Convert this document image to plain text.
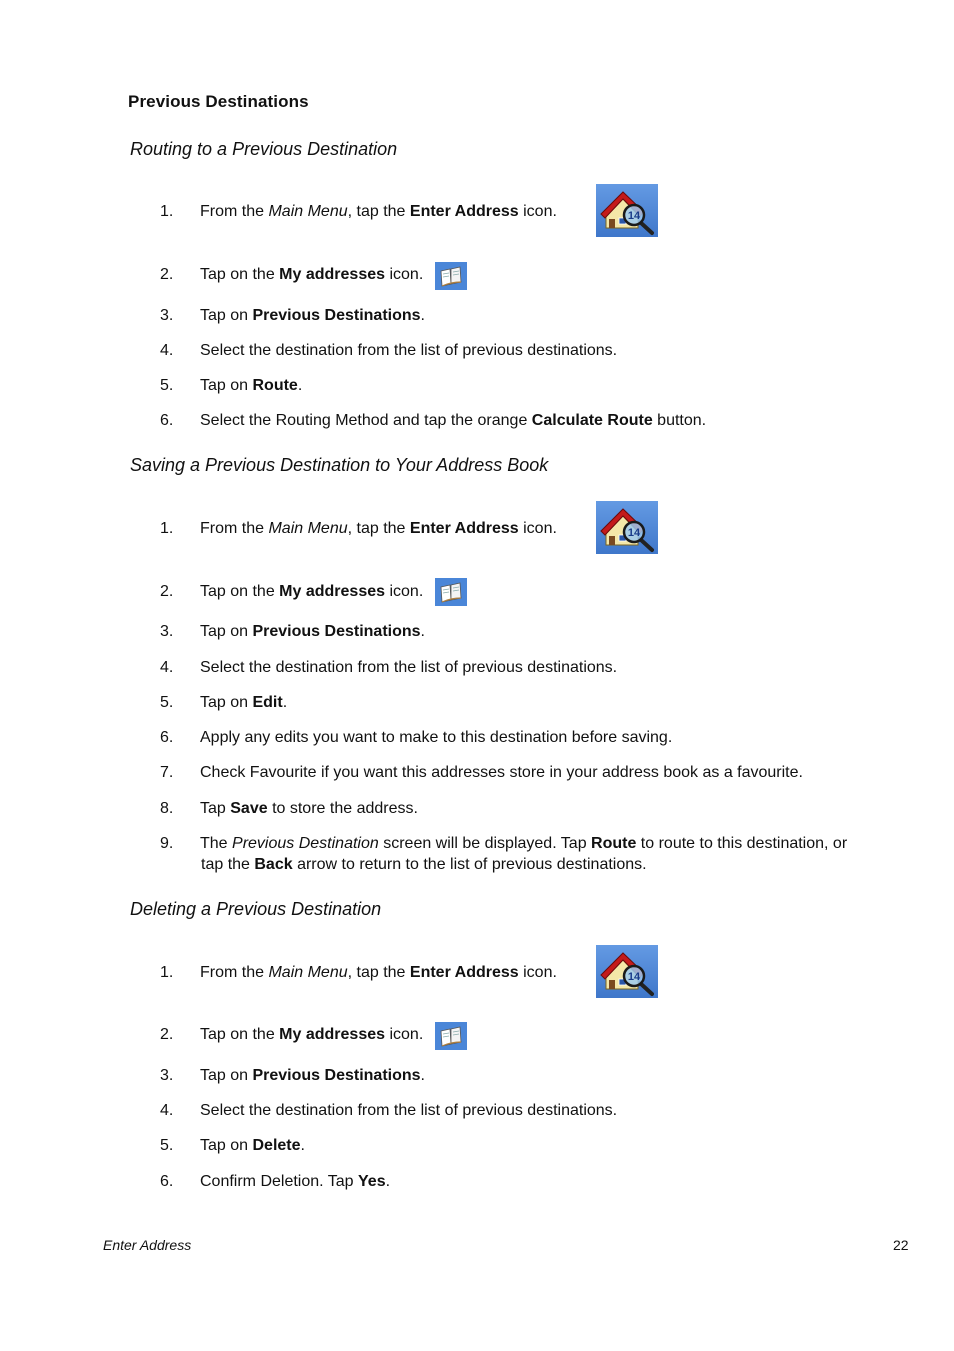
Previous Destinations
Routing to a Previous Destination
1. From the Main Menu, tap the Enter Address icon.
2. Tap on the My addresses icon.
3. Tap on Previous Destinations.
4. Select the destination from the list of previous destinations.
5. Tap on Route.
6. Select the Routing Method and tap the orange Calculate Route button.
Saving a Previous Destination to Your Address Book
1. From the Main Menu, tap the Enter Address icon.
2. Tap on the My addresses icon.
3. Tap on Previous Destinations.
4. Select the destination from the list of previous destinations.
5. Tap on Edit.
6. Apply any edits you want to make to this destination before saving.
7. Check Favourite if you want this addresses store in your address book as a favourite.
8. Tap Save to store the address.
9. The Previous Destination screen will be displayed. Tap Route to route to this destination, or
tap the Back arrow to return to the list of previous destinations.
Deleting a Previous Destination
1. From the Main Menu, tap the Enter Address icon.
2. Tap on the My addresses icon.
3. Tap on Previous Destinations.
4. Select the destination from the list of previous destinations.
5. Tap on Delete.
6. Confirm Deletion. Tap Yes.
Enter Address	22
